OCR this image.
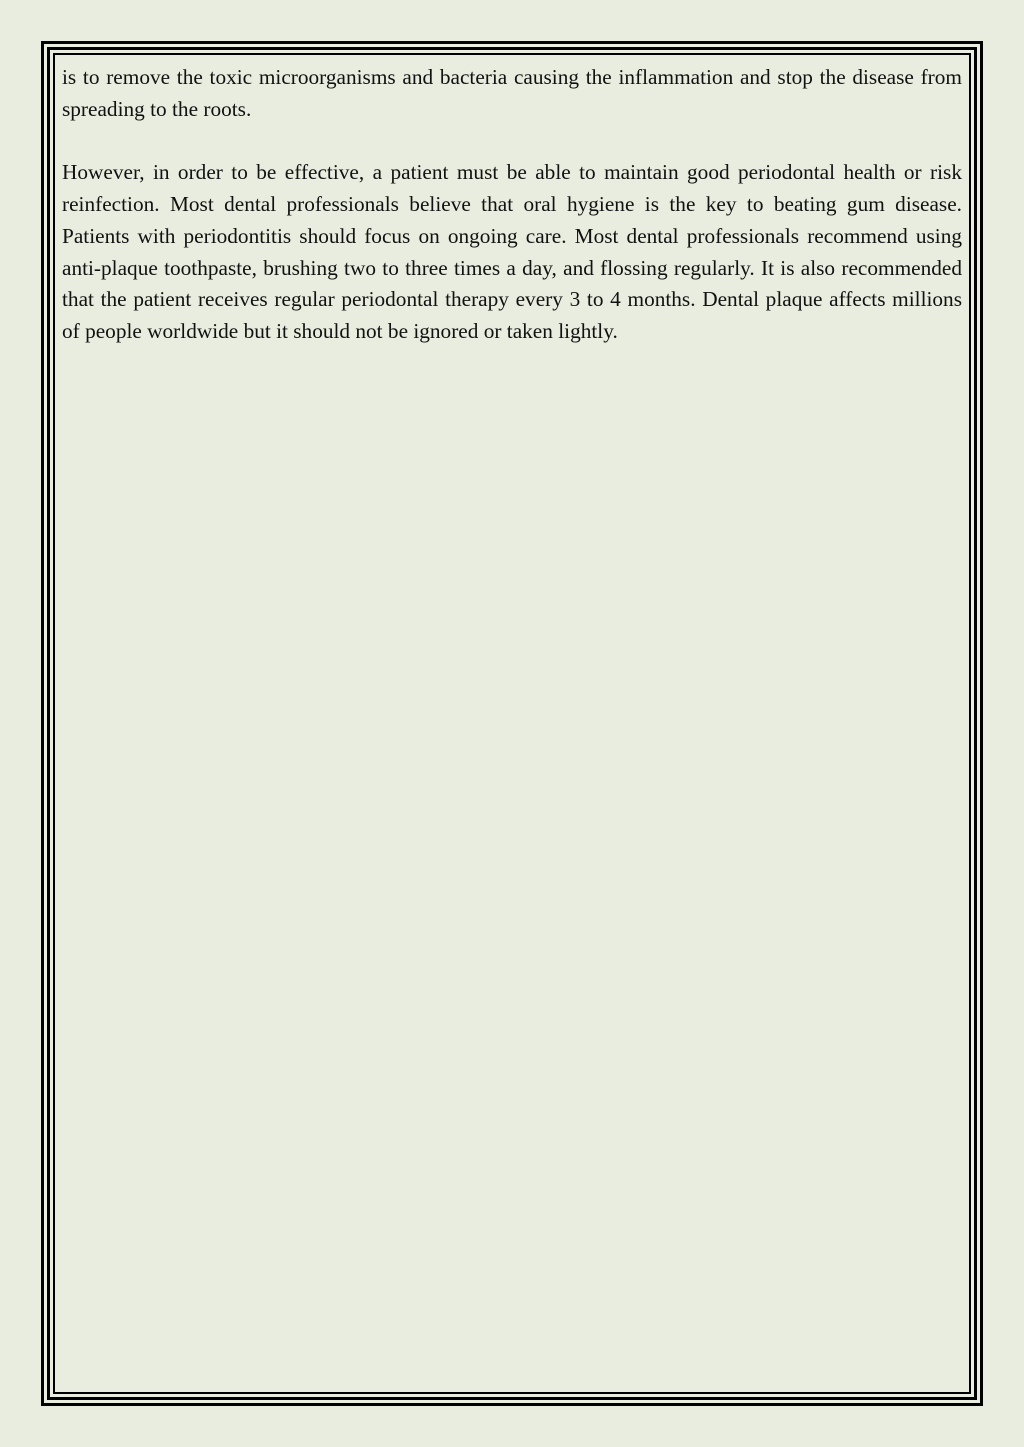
is to remove the toxic microorganisms and bacteria causing the inflammation and stop the disease from spreading to the roots.

However, in order to be effective, a patient must be able to maintain good periodontal health or risk reinfection. Most dental professionals believe that oral hygiene is the key to beating gum disease. Patients with periodontitis should focus on ongoing care. Most dental professionals recommend using anti-plaque toothpaste, brushing two to three times a day, and flossing regularly. It is also recommended that the patient receives regular periodontal therapy every 3 to 4 months. Dental plaque affects millions of people worldwide but it should not be ignored or taken lightly.
